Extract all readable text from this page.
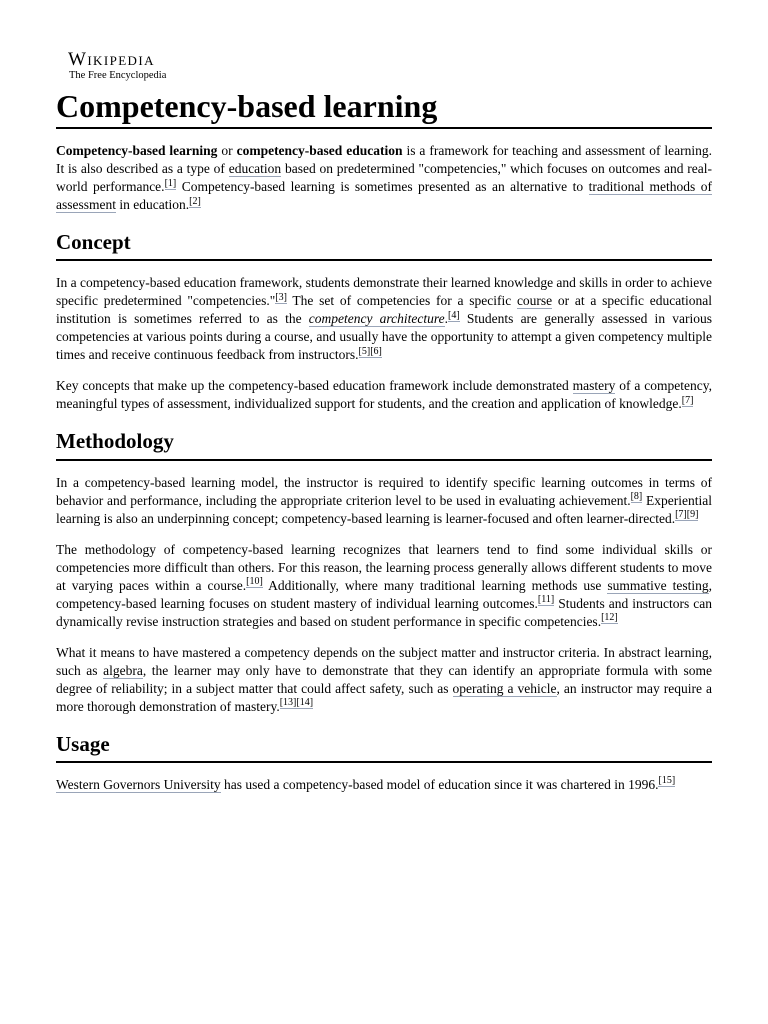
Wikipedia
The Free Encyclopedia
Competency-based learning

Competency-based learning or competency-based education is a framework for teaching and assessment of learning. It is also described as a type of education based on predetermined "competencies," which focuses on outcomes and real-world performance.[1] Competency-based learning is sometimes presented as an alternative to traditional methods of assessment in education.[2]

Concept

In a competency-based education framework, students demonstrate their learned knowledge and skills in order to achieve specific predetermined "competencies."[3] The set of competencies for a specific course or at a specific educational institution is sometimes referred to as the competency architecture.[4] Students are generally assessed in various competencies at various points during a course, and usually have the opportunity to attempt a given competency multiple times and receive continuous feedback from instructors.[5][6]

Key concepts that make up the competency-based education framework include demonstrated mastery of a competency, meaningful types of assessment, individualized support for students, and the creation and application of knowledge.[7]

Methodology

In a competency-based learning model, the instructor is required to identify specific learning outcomes in terms of behavior and performance, including the appropriate criterion level to be used in evaluating achievement.[8] Experiential learning is also an underpinning concept; competency-based learning is learner-focused and often learner-directed.[7][9]

The methodology of competency-based learning recognizes that learners tend to find some individual skills or competencies more difficult than others. For this reason, the learning process generally allows different students to move at varying paces within a course.[10] Additionally, where many traditional learning methods use summative testing, competency-based learning focuses on student mastery of individual learning outcomes.[11] Students and instructors can dynamically revise instruction strategies and based on student performance in specific competencies.[12]

What it means to have mastered a competency depends on the subject matter and instructor criteria. In abstract learning, such as algebra, the learner may only have to demonstrate that they can identify an appropriate formula with some degree of reliability; in a subject matter that could affect safety, such as operating a vehicle, an instructor may require a more thorough demonstration of mastery.[13][14]

Usage

Western Governors University has used a competency-based model of education since it was chartered in 1996.[15]
